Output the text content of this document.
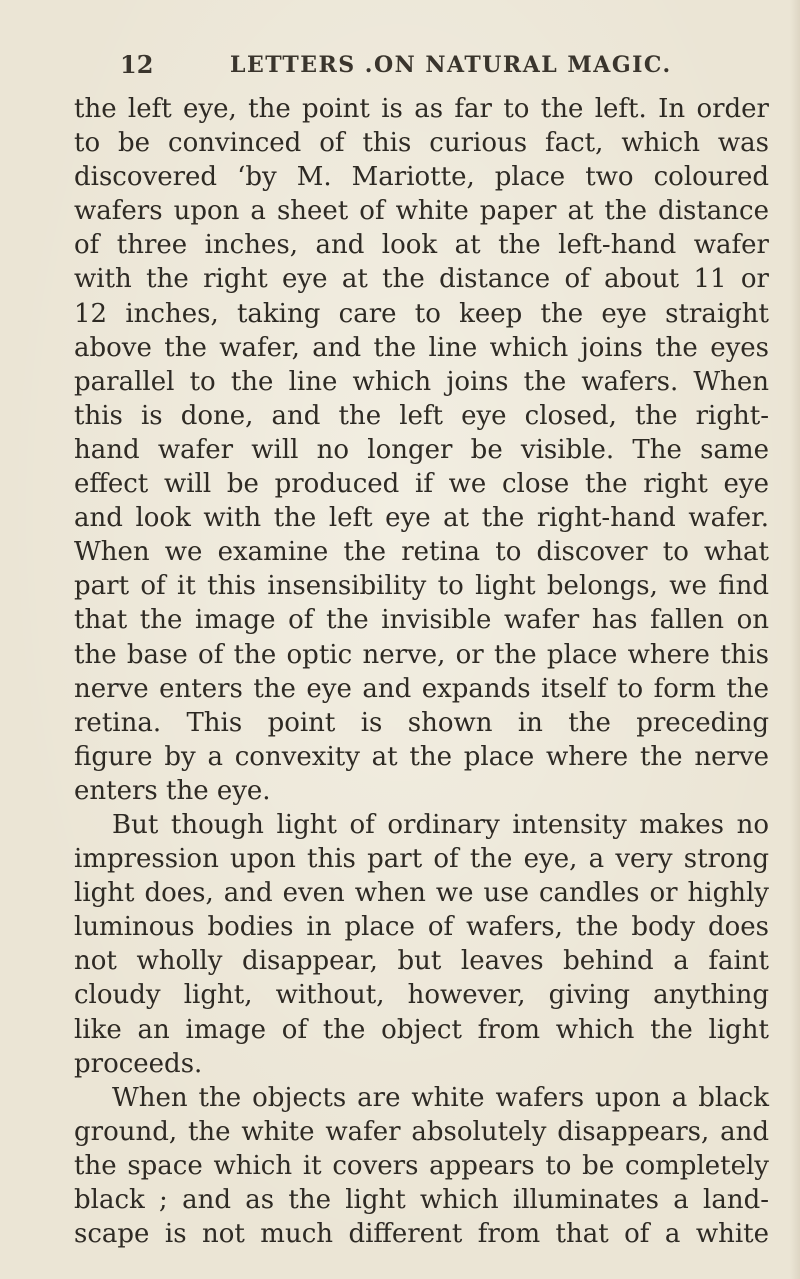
12	LETTERS .ON NATURAL MAGIC.
the left eye, the point is as far to the left. In order
to be convinced of this curious fact, which was
discovered ‘by M. Mariotte, place two coloured
wafers upon a sheet of white paper at the distance
of three inches, and look at the left-hand wafer
with the right eye at the distance of about 11 or
12 inches, taking care to keep the eye straight
above the wafer, and the line which joins the eyes
parallel to the line which joins the wafers. When
this is done, and the left eye closed, the right-
hand wafer will no longer be visible. The same
effect will be produced if we close the right eye
and look with the left eye at the right-hand wafer.
When we examine the retina to discover to what
part of it this insensibility to light belongs, we find
that the image of the invisible wafer has fallen on
the base of the optic nerve, or the place where this
nerve enters the eye and expands itself to form the
retina. This point is shown in the preceding
figure by a convexity at the place where the nerve
enters the eye.
But though light of ordinary intensity makes no
impression upon this part of the eye, a very strong
light does, and even when we use candles or highly
luminous bodies in place of wafers, the body does
not wholly disappear, but leaves behind a faint
cloudy light, without, however, giving anything
like an image of the object from which the light
proceeds.
When the objects are white wafers upon a black
ground, the white wafer absolutely disappears, and
the space which it covers appears to be completely
black ; and as the light which illuminates a land-
scape is not much different from that of a white
